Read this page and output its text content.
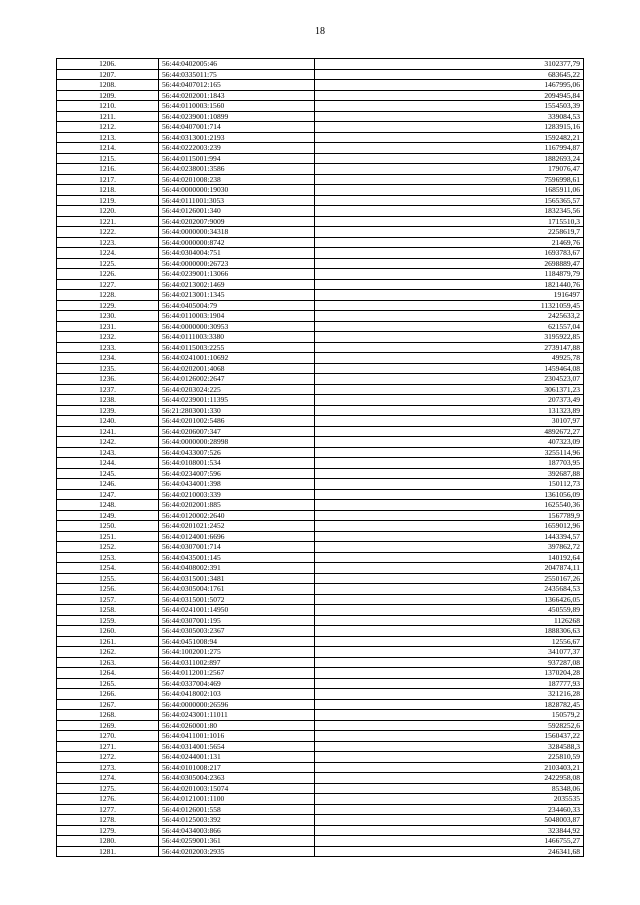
18
1206.	56:44:0402005:46	3102377,79
1207.	56:44:0335011:75	683645,22
1208.	56:44:0407012:165	1467995,06
1209.	56:44:0202001:1843	2094945,84
1210.	56:44:0110003:1560	1554503,39
1211.	56:44:0239001:10899	339084,53
1212.	56:44:0407001:714	1283915,16
1213.	56:44:0313001:2193	1592482,21
1214.	56:44:0222003:239	1167994,87
1215.	56:44:0115001:994	1882693,24
1216.	56:44:0238001:3586	179076,47
1217.	56:44:0201008:238	7596998,61
1218.	56:44:0000000:19030	1685911,06
1219.	56:44:0111001:3053	1565365,57
1220.	56:44:0126001:340	1832345,56
1221.	56:44:0202007:9009	1715510,3
1222.	56:44:0000000:34318	2258619,7
1223.	56:44:0000000:8742	21469,76
1224.	56:44:0304004:751	1693783,67
1225.	56:44:0000000:26723	2698889,47
1226.	56:44:0239001:13066	1184879,79
1227.	56:44:0213002:1469	1821440,76
1228.	56:44:0213001:1345	1916497
1229.	56:44:0405004:79	11321059,45
1230.	56:44:0110003:1904	2425633,2
1231.	56:44:0000000:30953	621557,04
1232.	56:44:0111003:3380	3195922,85
1233.	56:44:0115003:2255	2739147,88
1234.	56:44:0241001:10692	49925,78
1235.	56:44:0202001:4068	1459464,08
1236.	56:44:0126002:2647	2304523,07
1237.	56:44:0203024:225	3061371,23
1238.	56:44:0239001:11395	207373,49
1239.	56:21:2803001:330	131323,89
1240.	56:44:0201002:5486	30107,97
1241.	56:44:0206007:347	4892672,27
1242.	56:44:0000000:28998	407323,09
1243.	56:44:0433007:526	3255114,96
1244.	56:44:0108001:534	187703,95
1245.	56:44:0234007:596	392687,88
1246.	56:44:0434001:398	150112,73
1247.	56:44:0210003:339	1361056,09
1248.	56:44:0202001:885	1625540,36
1249.	56:44:0120002:2640	1567789,9
1250.	56:44:0201021:2452	1659012,96
1251.	56:44:0124001:6696	1443394,57
1252.	56:44:0307001:714	397862,72
1253.	56:44:0435001:145	140192,64
1254.	56:44:0408002:391	2047874,11
1255.	56:44:0315001:3481	2550167,26
1256.	56:44:0305004:1761	2435684,53
1257.	56:44:0315001:5072	1366426,05
1258.	56:44:0241001:14950	450559,89
1259.	56:44:0307001:195	1126268
1260.	56:44:0305003:2367	1888306,63
1261.	56:44:0451008:94	12556,67
1262.	56:44:1002001:275	341077,37
1263.	56:44:0311002:897	937287,08
1264.	56:44:0112001:2567	1370204,28
1265.	56:44:0337004:469	187777,93
1266.	56:44:0418002:103	321216,28
1267.	56:44:0000000:26596	1828782,45
1268.	56:44:0243001:11011	150579,2
1269.	56:44:0260001:80	5928252,6
1270.	56:44:0411001:1016	1560437,22
1271.	56:44:0314001:5654	3284588,3
1272.	56:44:0244001:131	225810,59
1273.	56:44:0101008:217	2103403,21
1274.	56:44:0305004:2363	2422958,08
1275.	56:44:0201003:15074	85348,06
1276.	56:44:0121001:1100	2035535
1277.	56:44:0126001:558	234460,33
1278.	56:44:0125003:392	5048003,87
1279.	56:44:0434003:866	323844,92
1280.	56:44:0259001:361	1466755,27
1281.	56:44:0202003:2935	246341,68
